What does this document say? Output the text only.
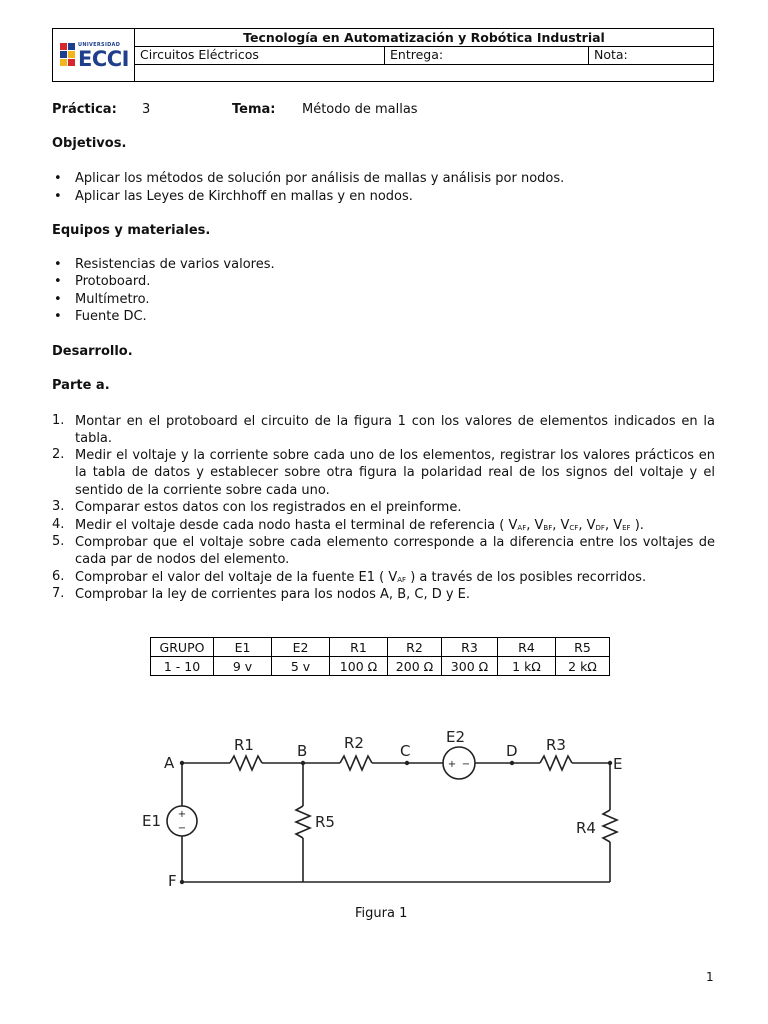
UNIVERSIDAD
ECCI
Tecnología en Automatización y Robótica Industrial
Circuitos Eléctricos	Entrega:	Nota:
Práctica: 3	Tema: Método de mallas
Objetivos.
• Aplicar los métodos de solución por análisis de mallas y análisis por nodos.
• Aplicar las Leyes de Kirchhoff en mallas y en nodos.
Equipos y materiales.
• Resistencias de varios valores.
• Protoboard.
• Multímetro.
• Fuente DC.
Desarrollo.
Parte a.
1. Montar en el protoboard el circuito de la figura 1 con los valores de elementos indicados en la tabla.
2. Medir el voltaje y la corriente sobre cada uno de los elementos, registrar los valores prácticos en la tabla de datos y establecer sobre otra figura la polaridad real de los signos del voltaje y el sentido de la corriente sobre cada uno.
3. Comparar estos datos con los registrados en el preinforme.
4. Medir el voltaje desde cada nodo hasta el terminal de referencia ( VAF, VBF, VCF, VDF, VEF ).
5. Comprobar que el voltaje sobre cada elemento corresponde a la diferencia entre los voltajes de cada par de nodos del elemento.
6. Comprobar el valor del voltaje de la fuente E1 ( VAF ) a través de los posibles recorridos.
7. Comprobar la ley de corrientes para los nodos A, B, C, D y E.
GRUPO	E1	E2	R1	R2	R3	R4	R5
1 - 10	9 v	5 v	100 Ω	200 Ω	300 Ω	1 kΩ	2 kΩ
+
−
+ −
A
B	C	D
E
F
R1	R2	R3
R4
R5
E1
E2
Figura 1
1
